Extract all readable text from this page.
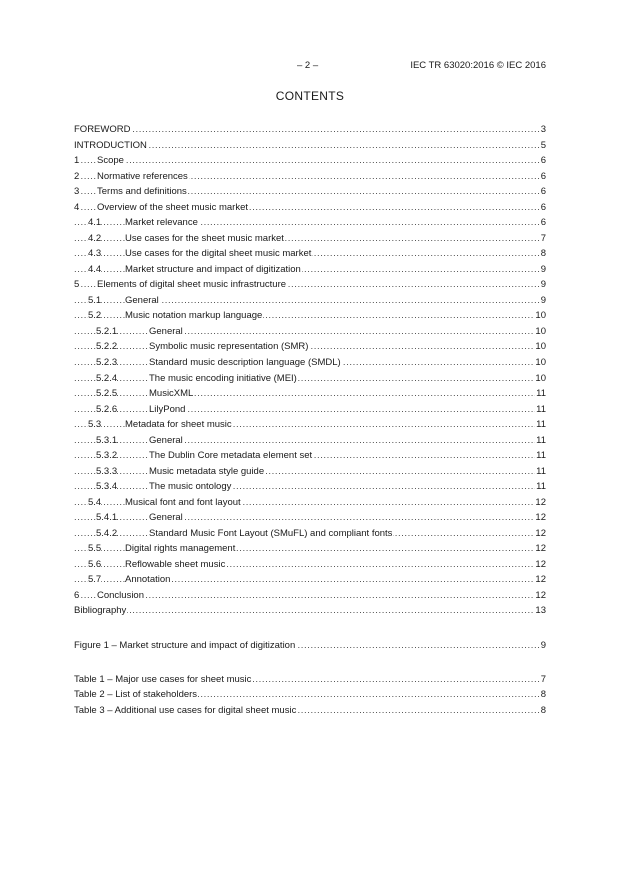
– 2 –	IEC TR 63020:2016 © IEC 2016
CONTENTS
FOREWORD	3
.....
INTRODUCTION	5
.....
1 Scope	6
.....
2 Normative references	6
.....
3 Terms and definitions	6
.....
4 Overview of the sheet music market	6
.....
4.1	Market relevance	6
.....
4.2	Use cases for the sheet music market	7
.....
4.3	Use cases for the digital sheet music market	8
.....
4.4	Market structure and impact of digitization	9
.....
5 Elements of digital sheet music infrastructure	9
.....
5.1	General	9
.....
5.2	Music notation markup language	10
.....
5.2.1	General	10
.....
5.2.2	Symbolic music representation (SMR)	10
.....
5.2.3	Standard music description language (SMDL)	10
.....
5.2.4	The music encoding initiative (MEI)	10
.....
5.2.5	MusicXML	11
.....
5.2.6	LilyPond	11
.....
5.3	Metadata for sheet music	11
.....
5.3.1	General	11
.....
5.3.2	The Dublin Core metadata element set	11
.....
5.3.3	Music metadata style guide	11
.....
5.3.4	The music ontology	11
.....
5.4	Musical font and font layout	12
.....
5.4.1	General	12
.....
5.4.2	Standard Music Font Layout (SMuFL) and compliant fonts	12
.....
5.5	Digital rights management	12
.....
5.6	Reflowable sheet music	12
.....
5.7	Annotation	12
.....
6 Conclusion	12
.....
Bibliography	13
.....
Figure 1 – Market structure and impact of digitization	9
.....
Table 1 – Major use cases for sheet music	7
.....
Table 2 – List of stakeholders	8
.....
Table 3 – Additional use cases for digital sheet music	8
.....
